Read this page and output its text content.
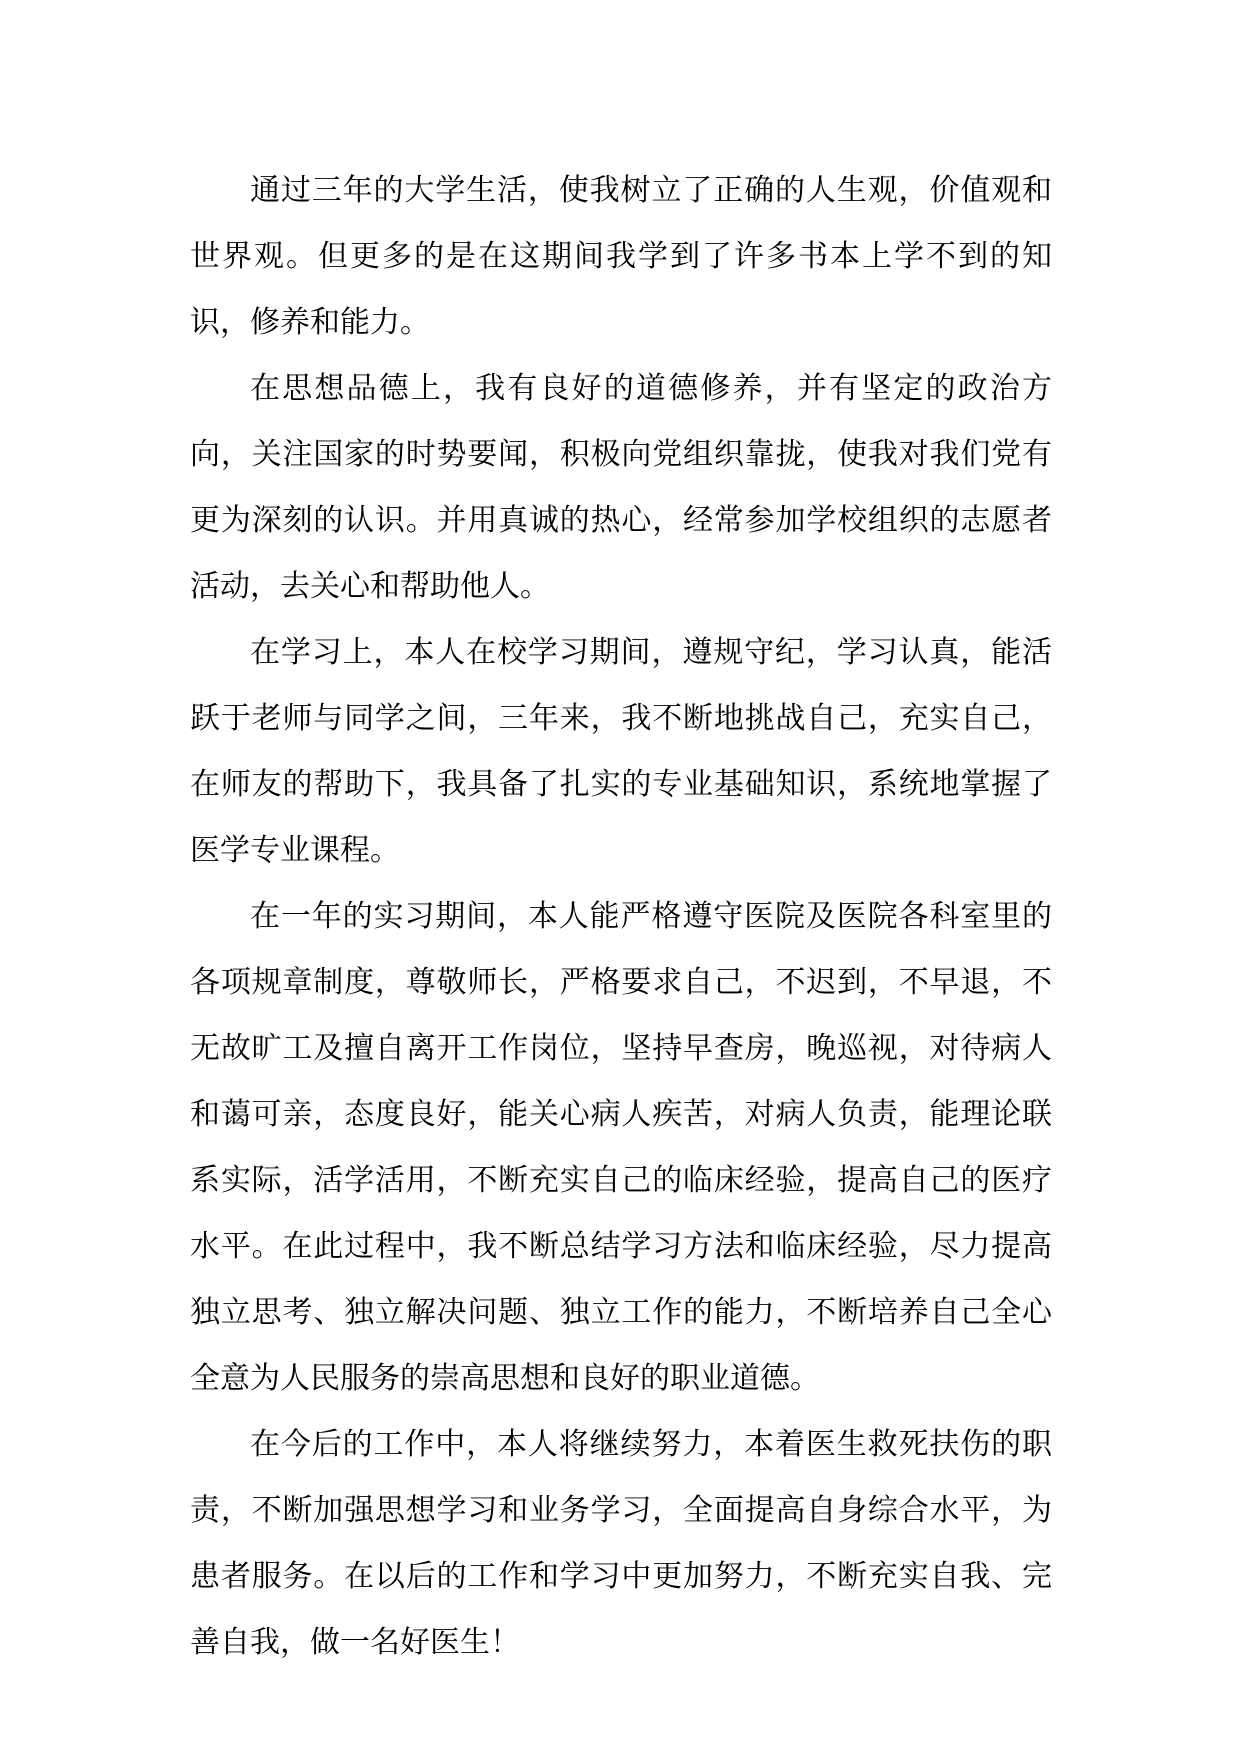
通过三年的大学生活，使我树立了正确的人生观，价值观和世界观。但更多的是在这期间我学到了许多书本上学不到的知识，修养和能力。

在思想品德上，我有良好的道德修养，并有坚定的政治方向，关注国家的时势要闻，积极向党组织靠拢，使我对我们党有更为深刻的认识。并用真诚的热心，经常参加学校组织的志愿者活动，去关心和帮助他人。

在学习上，本人在校学习期间，遵规守纪，学习认真，能活跃于老师与同学之间，三年来，我不断地挑战自己，充实自己，在师友的帮助下，我具备了扎实的专业基础知识，系统地掌握了医学专业课程。

在一年的实习期间，本人能严格遵守医院及医院各科室里的各项规章制度，尊敬师长，严格要求自己，不迟到，不早退，不无故旷工及擅自离开工作岗位，坚持早查房，晚巡视，对待病人和蔼可亲，态度良好，能关心病人疾苦，对病人负责，能理论联系实际，活学活用，不断充实自己的临床经验，提高自己的医疗水平。在此过程中，我不断总结学习方法和临床经验，尽力提高独立思考、独立解决问题、独立工作的能力，不断培养自己全心全意为人民服务的崇高思想和良好的职业道德。

在今后的工作中，本人将继续努力，本着医生救死扶伤的职责，不断加强思想学习和业务学习，全面提高自身综合水平，为患者服务。在以后的工作和学习中更加努力，不断充实自我、完善自我，做一名好医生！
